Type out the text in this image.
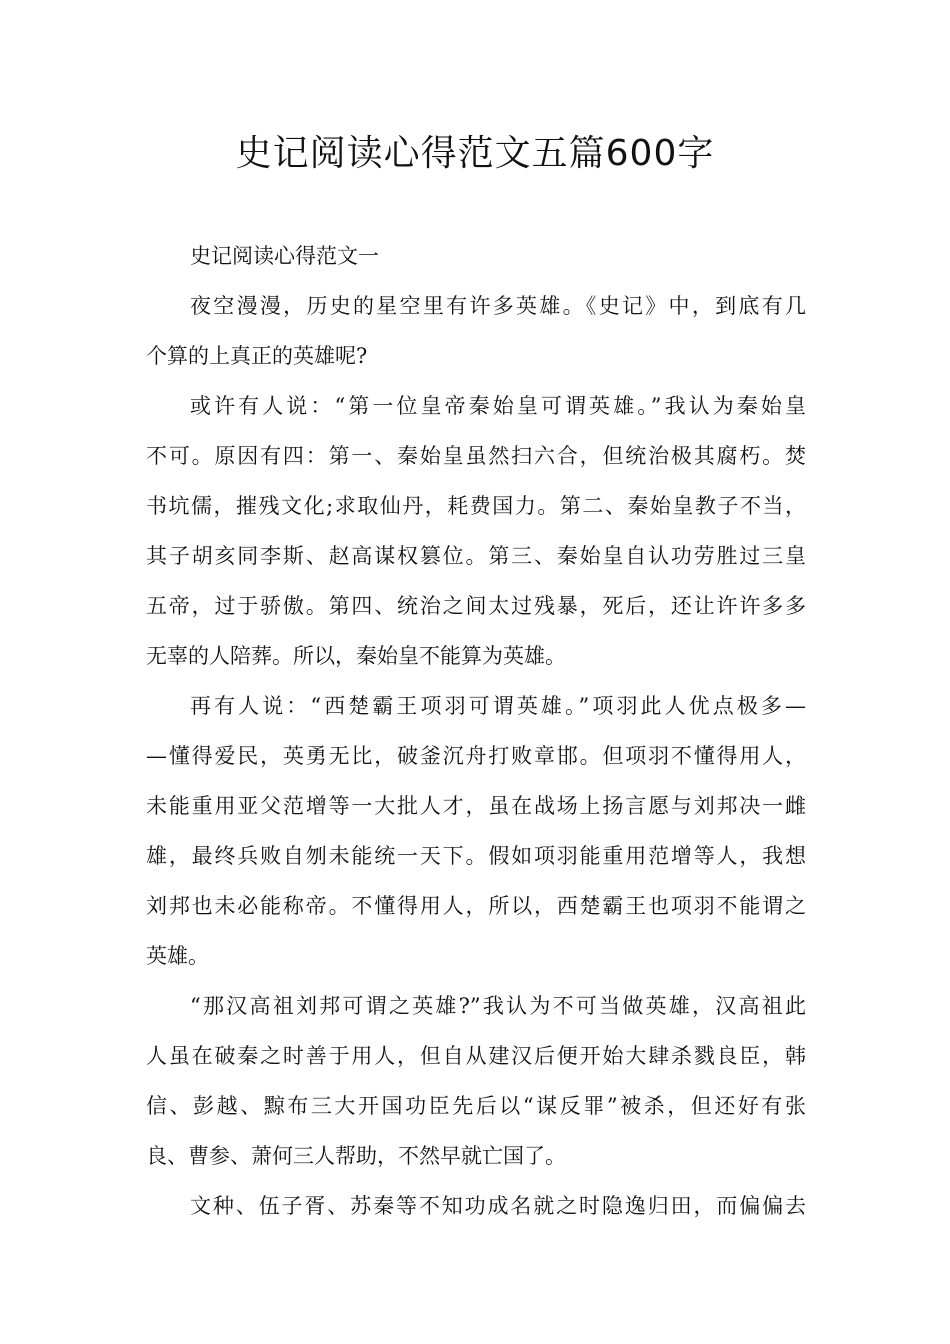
史记阅读心得范文五篇600字
史记阅读心得范文一
夜空漫漫，历史的星空里有许多英雄。《史记》中，到底有几
个算的上真正的英雄呢?
或许有人说：“第一位皇帝秦始皇可谓英雄。”我认为秦始皇
不可。原因有四：第一、秦始皇虽然扫六合，但统治极其腐朽。焚
书坑儒，摧残文化;求取仙丹，耗费国力。第二、秦始皇教子不当，
其子胡亥同李斯、赵高谋权篡位。第三、秦始皇自认功劳胜过三皇
五帝，过于骄傲。第四、统治之间太过残暴，死后，还让许许多多
无辜的人陪葬。所以，秦始皇不能算为英雄。
再有人说：“西楚霸王项羽可谓英雄。”项羽此人优点极多—
—懂得爱民，英勇无比，破釜沉舟打败章邯。但项羽不懂得用人，
未能重用亚父范增等一大批人才，虽在战场上扬言愿与刘邦决一雌
雄，最终兵败自刎未能统一天下。假如项羽能重用范增等人，我想
刘邦也未必能称帝。不懂得用人，所以，西楚霸王也项羽不能谓之
英雄。
“那汉高祖刘邦可谓之英雄?”我认为不可当做英雄，汉高祖此
人虽在破秦之时善于用人，但自从建汉后便开始大肆杀戮良臣，韩
信、彭越、黥布三大开国功臣先后以“谋反罪”被杀，但还好有张
良、曹参、萧何三人帮助，不然早就亡国了。
文种、伍子胥、苏秦等不知功成名就之时隐逸归田，而偏偏去
